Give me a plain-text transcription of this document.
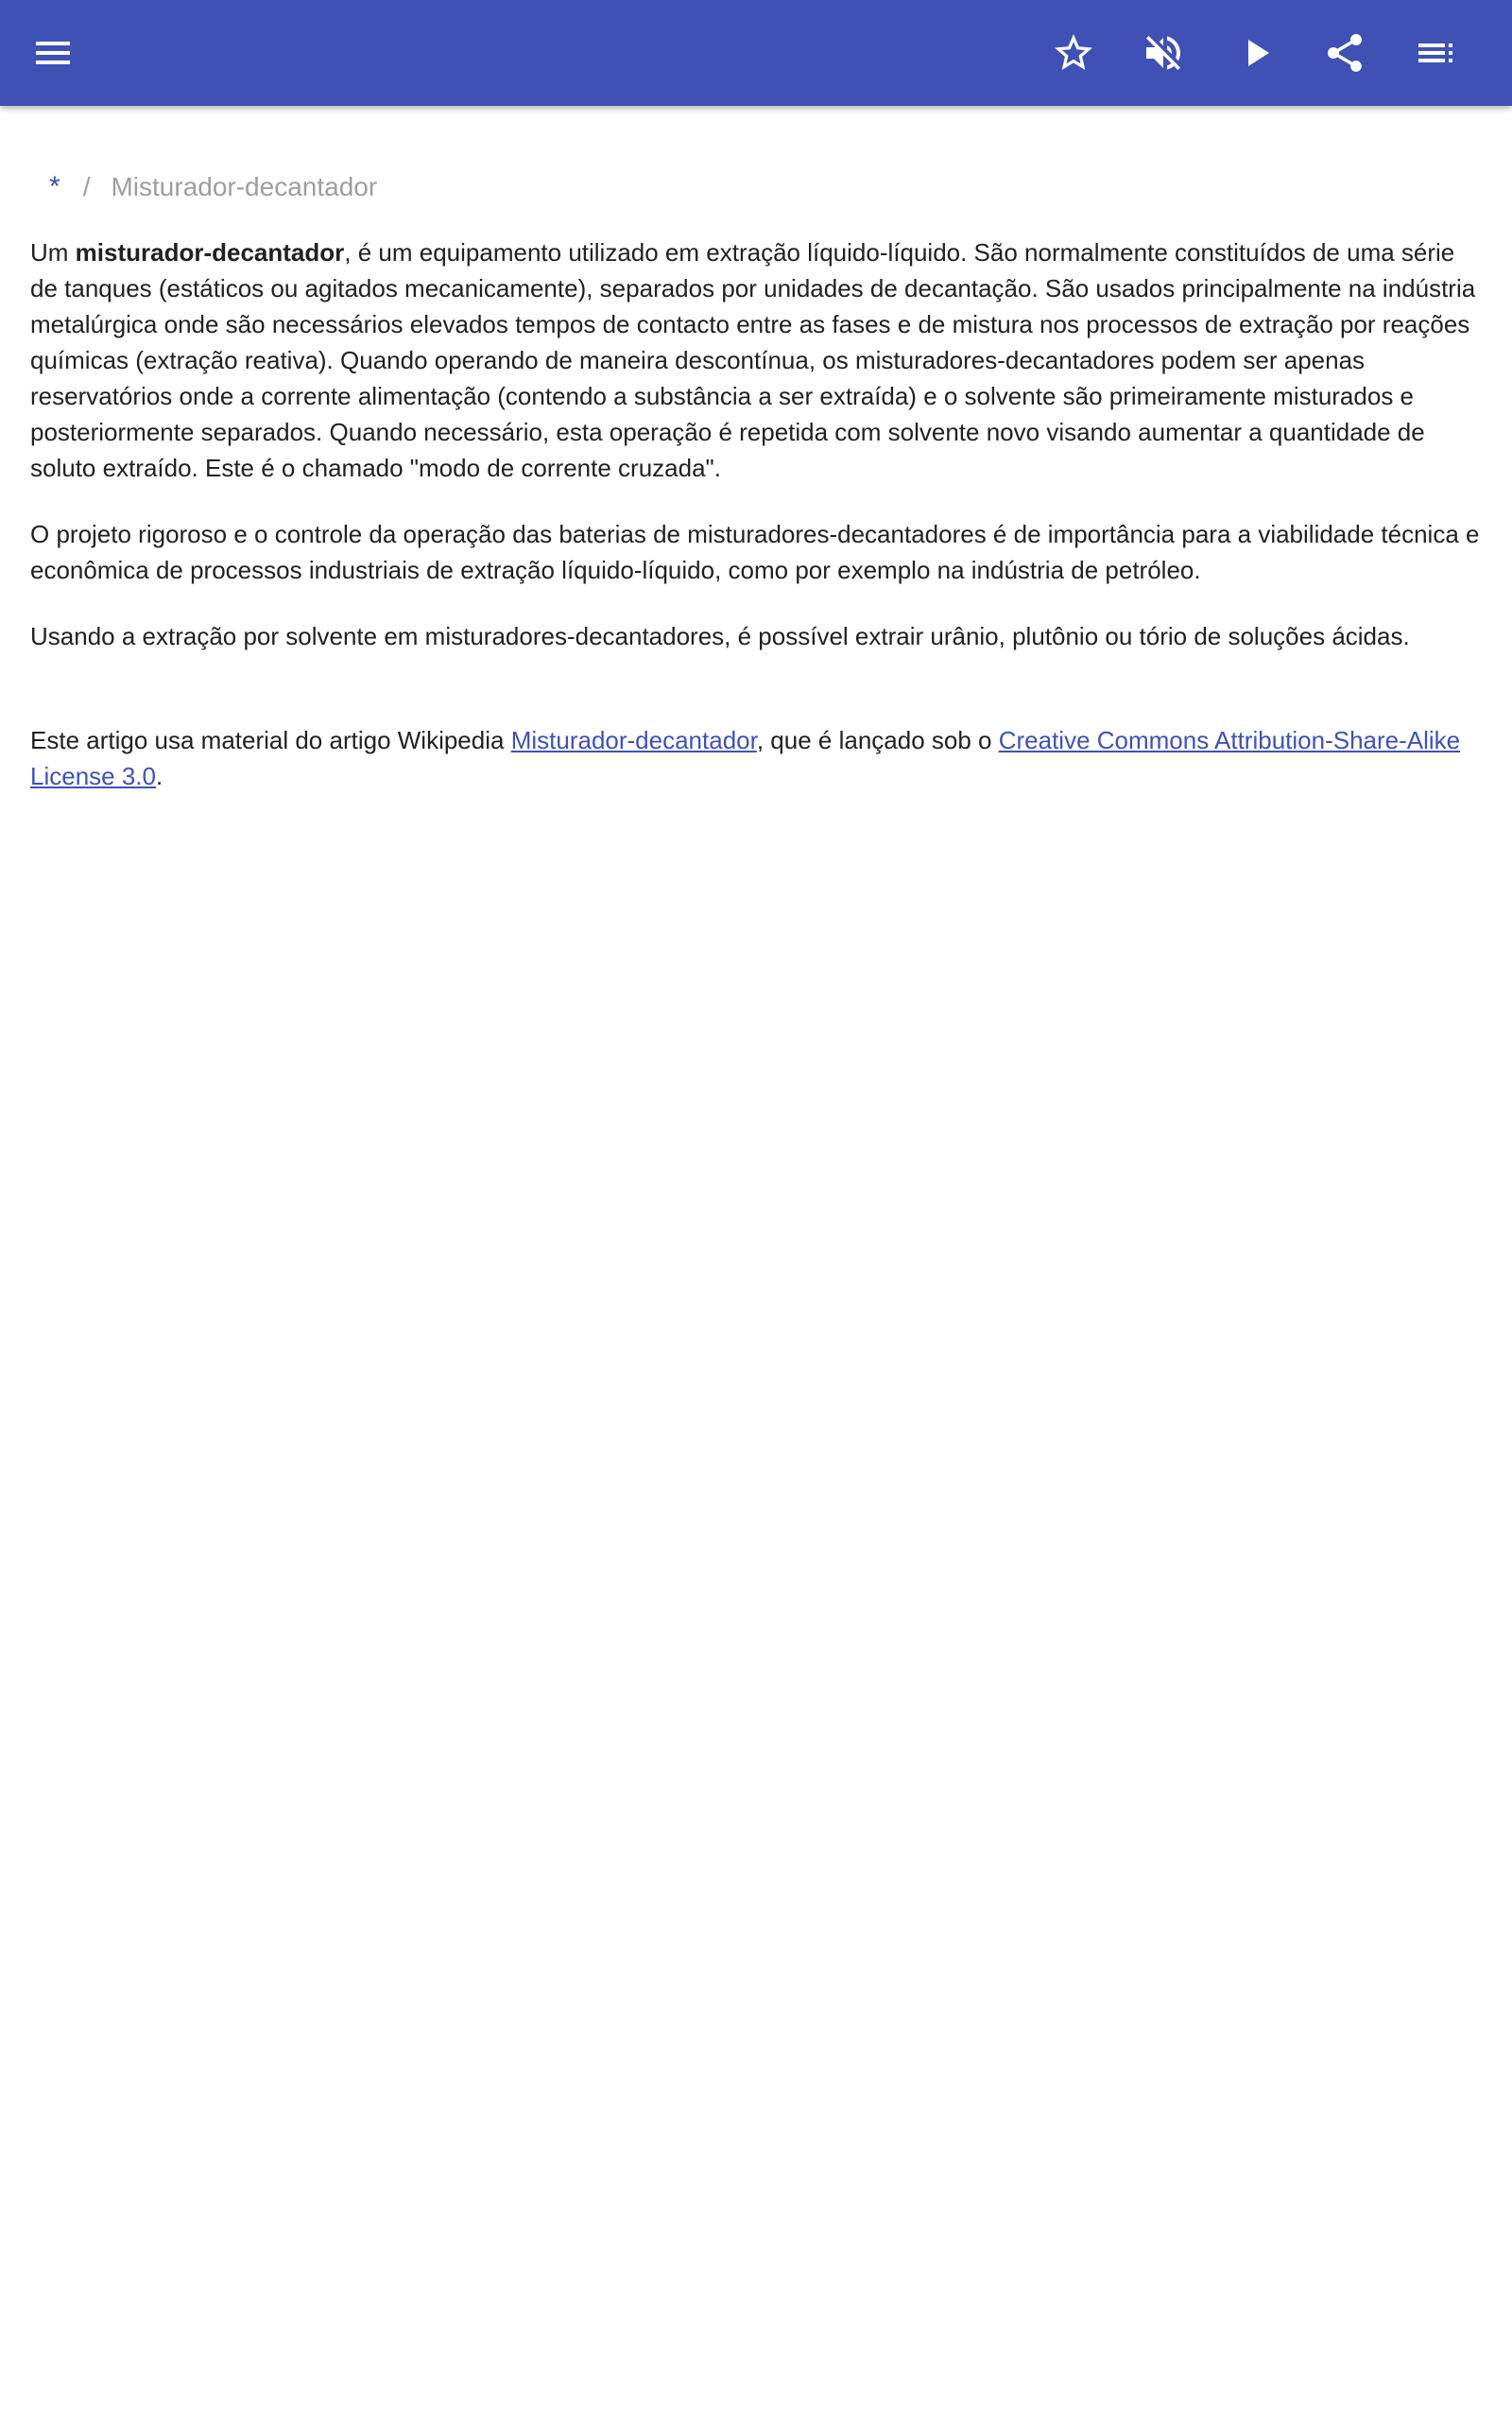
* / Misturador-decantador

Um misturador-decantador, é um equipamento utilizado em extração líquido-líquido. São normalmente constituídos de uma série de tanques (estáticos ou agitados mecanicamente), separados por unidades de decantação. São usados principalmente na indústria metalúrgica onde são necessários elevados tempos de contacto entre as fases e de mistura nos processos de extração por reações químicas (extração reativa). Quando operando de maneira descontínua, os misturadores-decantadores podem ser apenas reservatórios onde a corrente alimentação (contendo a substância a ser extraída) e o solvente são primeiramente misturados e posteriormente separados. Quando necessário, esta operação é repetida com solvente novo visando aumentar a quantidade de soluto extraído. Este é o chamado "modo de corrente cruzada".

O projeto rigoroso e o controle da operação das baterias de misturadores-decantadores é de importância para a viabilidade técnica e econômica de processos industriais de extração líquido-líquido, como por exemplo na indústria de petróleo.

Usando a extração por solvente em misturadores-decantadores, é possível extrair urânio, plutônio ou tório de soluções ácidas.

Este artigo usa material do artigo Wikipedia Misturador-decantador, que é lançado sob o Creative Commons Attribution-Share-Alike License 3.0.
